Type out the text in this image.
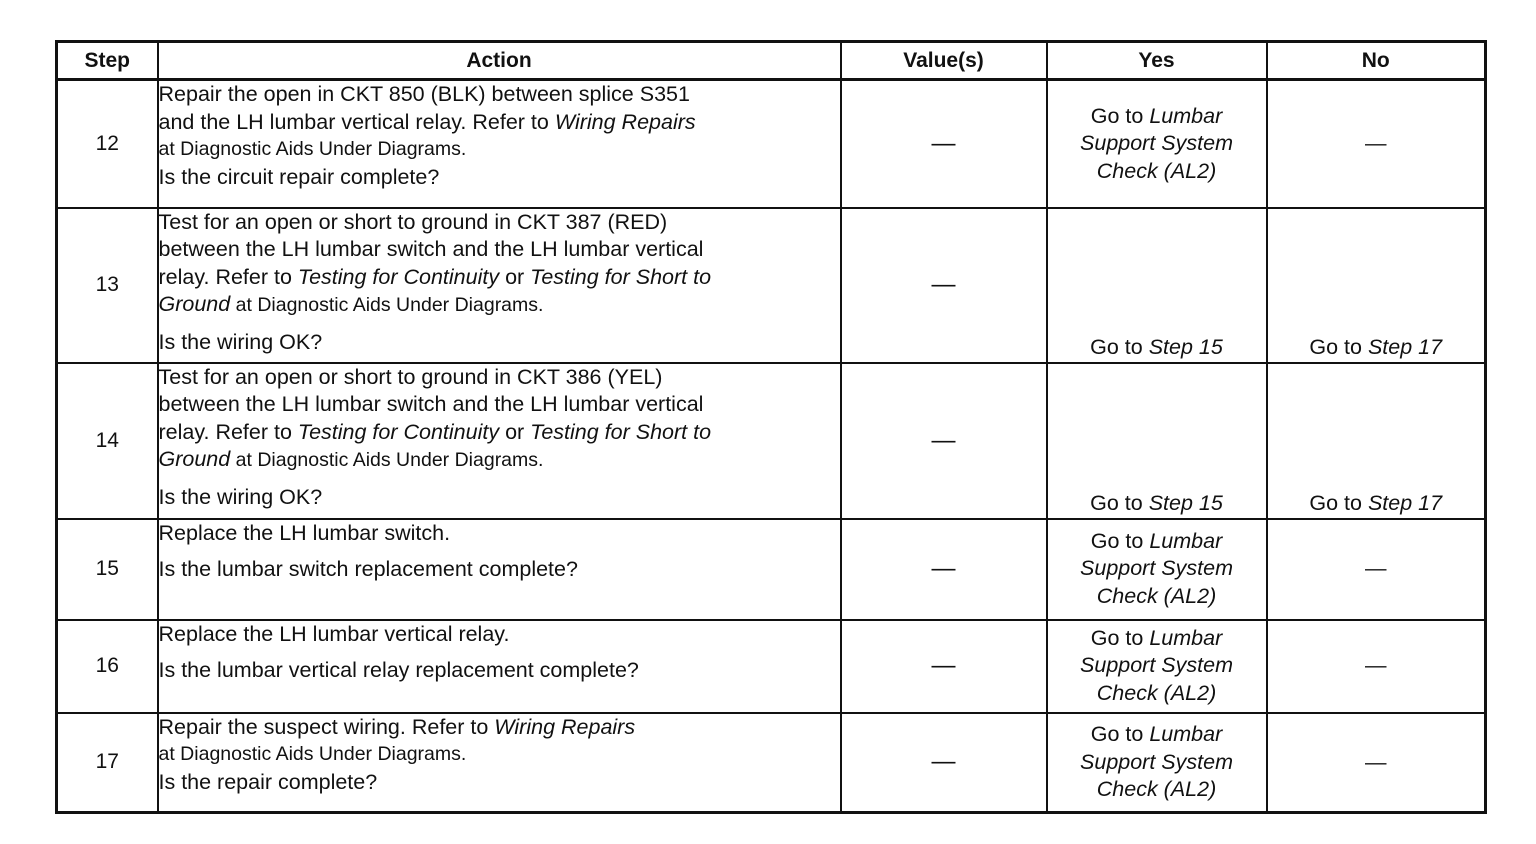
Step	Action	Value(s)	Yes	No
12	Repair the open in CKT 850 (BLK) between splice S351
and the LH lumbar vertical relay. Refer to Wiring Repairs
at Diagnostic Aids Under Diagrams.
Is the circuit repair complete?	—	Go to Lumbar
Support System
Check (AL2)	—
13	Test for an open or short to ground in CKT 387 (RED)
between the LH lumbar switch and the LH lumbar vertical
relay. Refer to Testing for Continuity or Testing for Short to
Ground at Diagnostic Aids Under Diagrams.
Is the wiring OK?	—	Go to Step 15	Go to Step 17
14	Test for an open or short to ground in CKT 386 (YEL)
between the LH lumbar switch and the LH lumbar vertical
relay. Refer to Testing for Continuity or Testing for Short to
Ground at Diagnostic Aids Under Diagrams.
Is the wiring OK?	—	Go to Step 15	Go to Step 17
15	Replace the LH lumbar switch.
Is the lumbar switch replacement complete?	—	Go to Lumbar
Support System
Check (AL2)	—
16	Replace the LH lumbar vertical relay.
Is the lumbar vertical relay replacement complete?	—	Go to Lumbar
Support System
Check (AL2)	—
17	Repair the suspect wiring. Refer to Wiring Repairs
at Diagnostic Aids Under Diagrams.
Is the repair complete?	—	Go to Lumbar
Support System
Check (AL2)	—
